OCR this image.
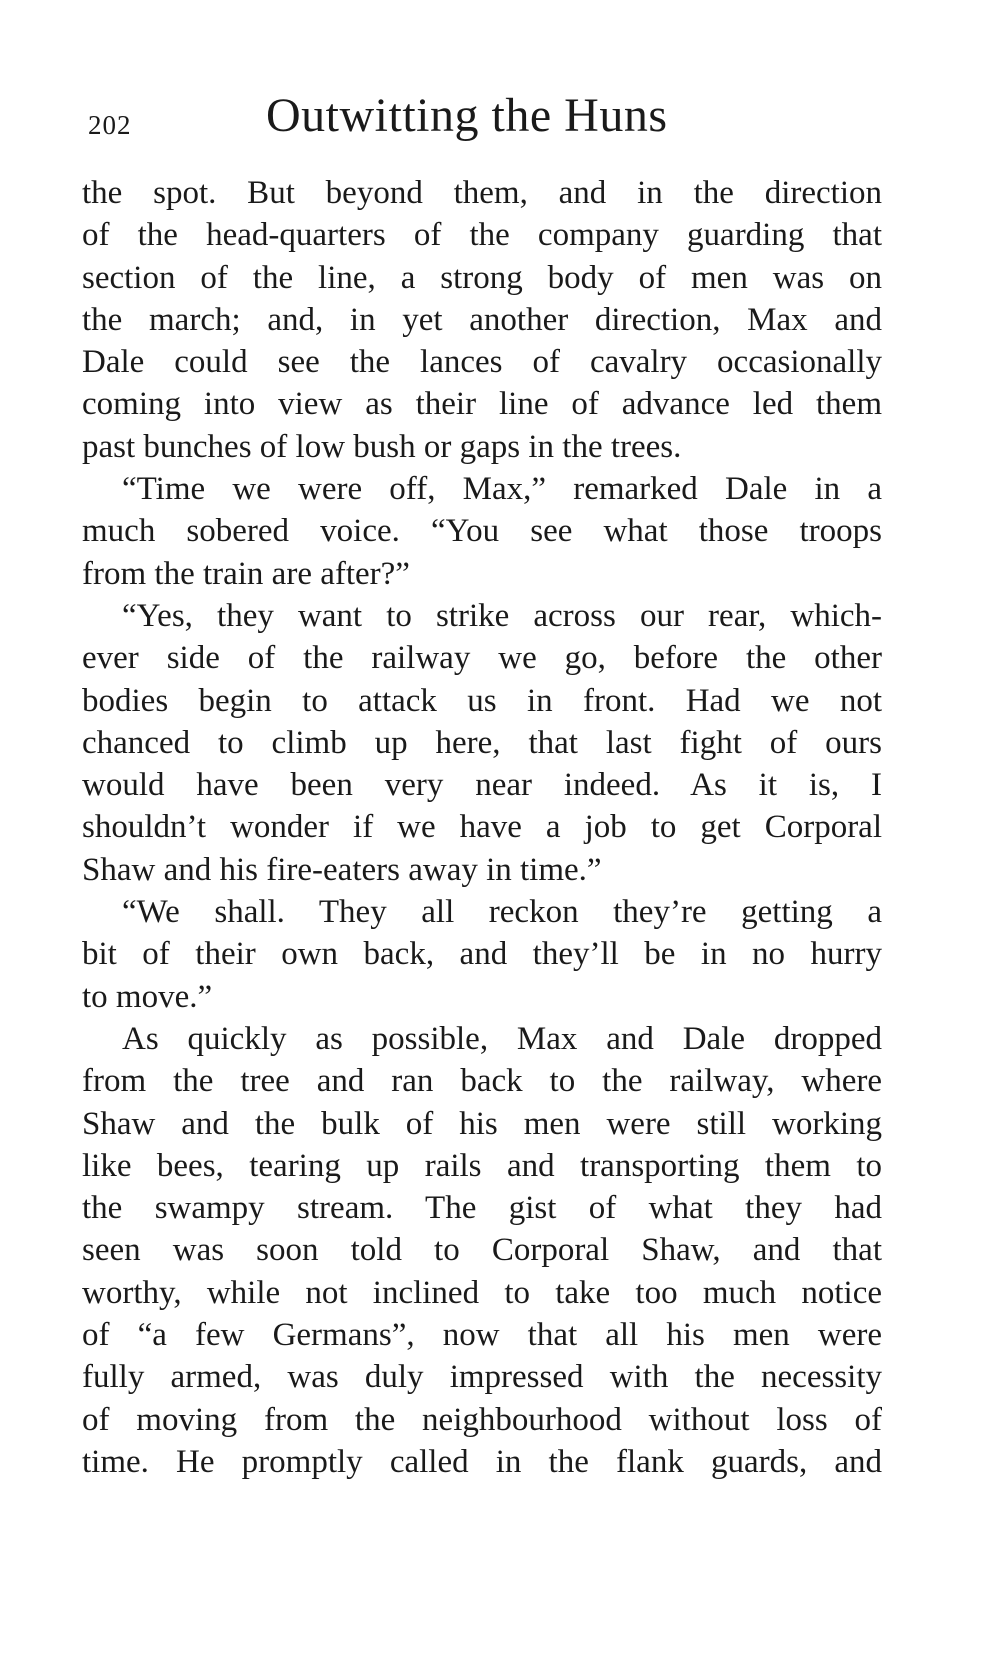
202	Outwitting the Huns
the spot. But beyond them, and in the direction
of the head-quarters of the company guarding that
section of the line, a strong body of men was on
the march; and, in yet another direction, Max and
Dale could see the lances of cavalry occasionally
coming into view as their line of advance led them
past bunches of low bush or gaps in the trees.
“Time we were off, Max,” remarked Dale in a
much sobered voice. “You see what those troops
from the train are after?”
“Yes, they want to strike across our rear, which-
ever side of the railway we go, before the other
bodies begin to attack us in front. Had we not
chanced to climb up here, that last fight of ours
would have been very near indeed. As it is, I
shouldn’t wonder if we have a job to get Corporal
Shaw and his fire-eaters away in time.”
“We shall. They all reckon they’re getting a
bit of their own back, and they’ll be in no hurry
to move.”
As quickly as possible, Max and Dale dropped
from the tree and ran back to the railway, where
Shaw and the bulk of his men were still working
like bees, tearing up rails and transporting them to
the swampy stream. The gist of what they had
seen was soon told to Corporal Shaw, and that
worthy, while not inclined to take too much notice
of “a few Germans”, now that all his men were
fully armed, was duly impressed with the necessity
of moving from the neighbourhood without loss of
time. He promptly called in the flank guards, and
